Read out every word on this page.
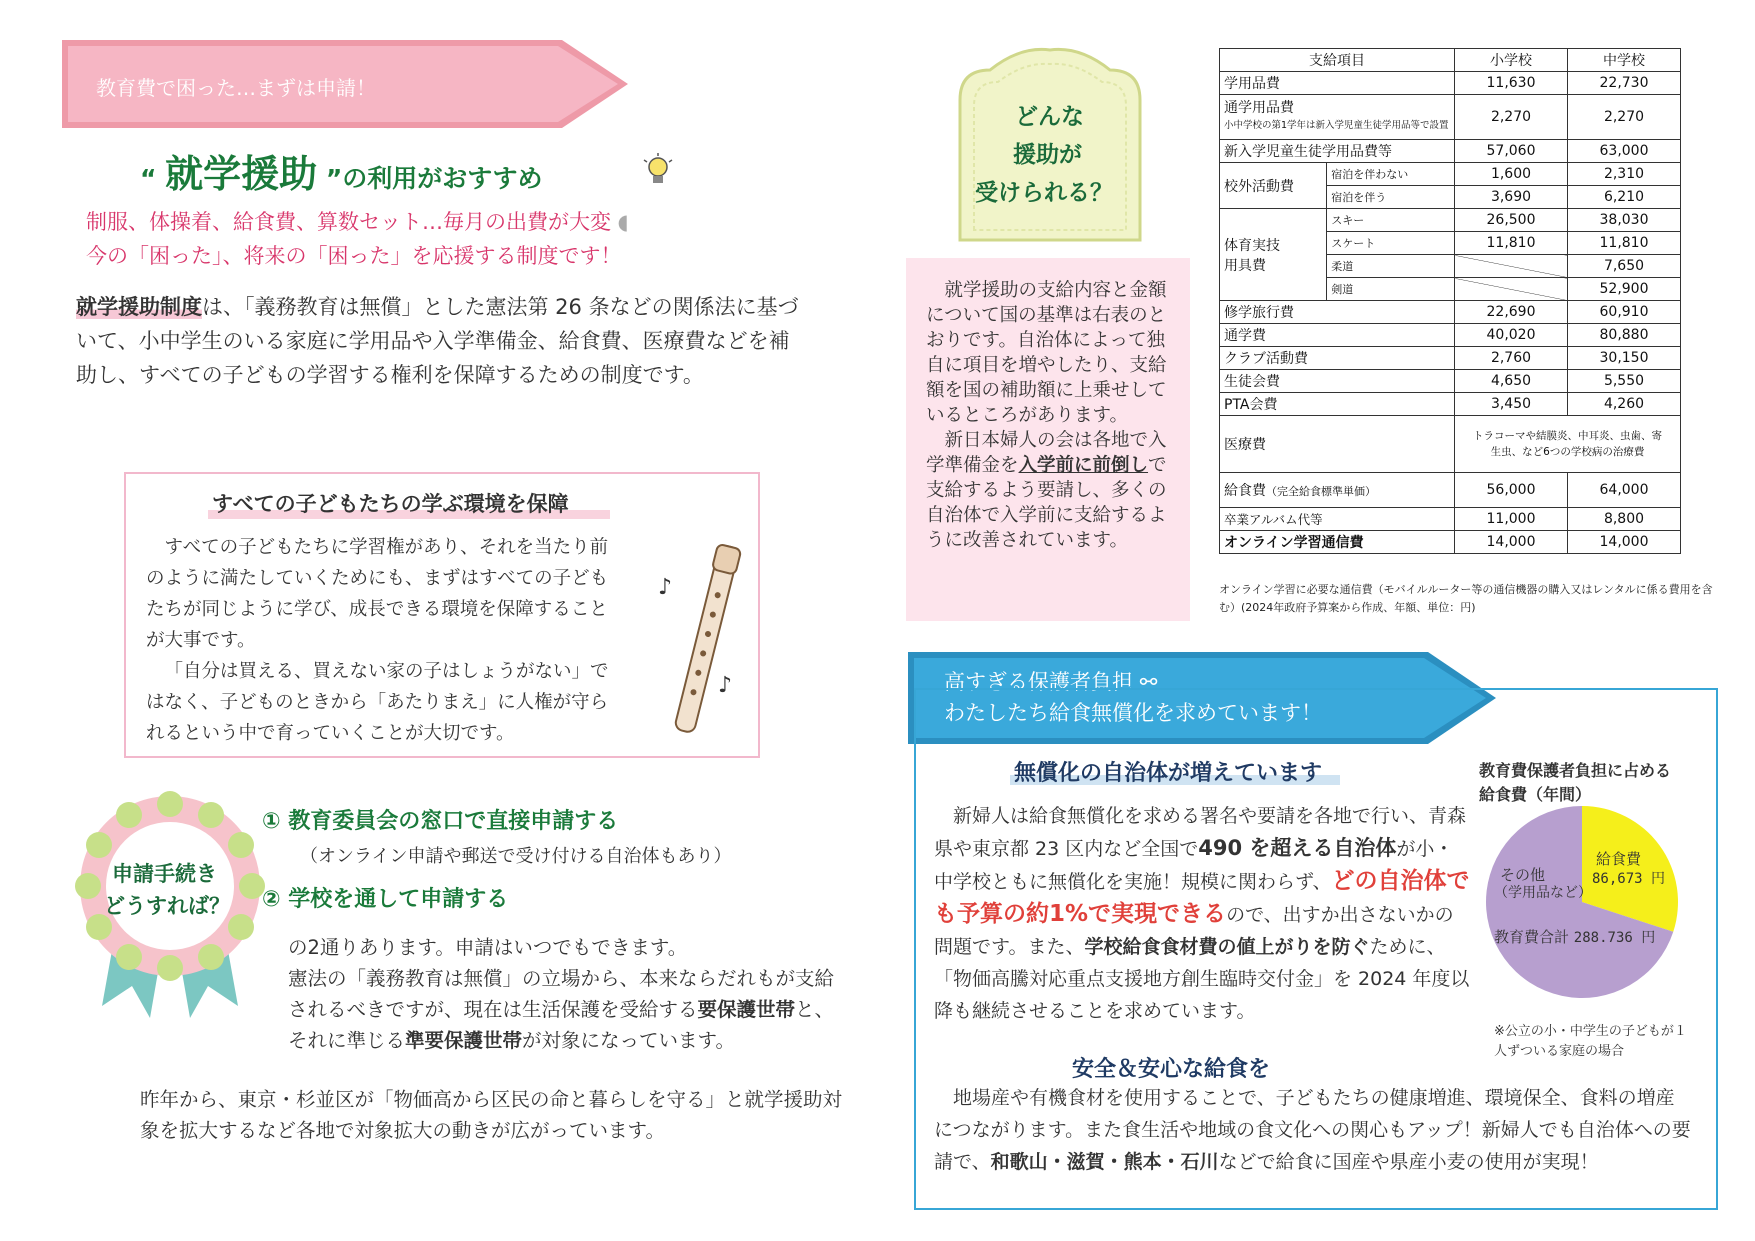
教育費で困った…まずは申請！
“ 就学援助 ”の利用がおすすめ
制服、体操着、給食費、算数セット…毎月の出費が大変 ◖
今の「困った」、将来の「困った」を応援する制度です！
就学援助制度は、「義務教育は無償」とした憲法第 26 条などの関係法に基づいて、小中学生のいる家庭に学用品や入学準備金、給食費、医療費などを補助し、すべての子どもの学習する権利を保障するための制度です。
すべての子どもたちの学ぶ環境を保障
すべての子どもたちに学習権があり、それを当たり前のように満たしていくためにも、まずはすべての子どもたちが同じように学び、成長できる環境を保障することが大事です。
「自分は買える、買えない家の子はしょうがない」ではなく、子どものときから「あたりまえ」に人権が守られるという中で育っていくことが大切です。
♪
♪
申請手続き
どうすれば？
① 教育委員会の窓口で直接申請する
（オンライン申請や郵送で受け付ける自治体もあり）
② 学校を通して申請する
の2通りあります。申請はいつでもできます。
憲法の「義務教育は無償」の立場から、本来ならだれもが支給されるべきですが、現在は生活保護を受給する要保護世帯と、それに準じる準要保護世帯が対象になっています。
昨年から、東京・杉並区が「物価高から区民の命と暮らしを守る」と就学援助対象を拡大するなど各地で対象拡大の動きが広がっています。
どんな
援助が
受けられる？
就学援助の支給内容と金額について国の基準は右表のとおりです。自治体によって独自に項目を増やしたり、支給額を国の補助額に上乗せしているところがあります。
新日本婦人の会は各地で入学準備金を入学前に前倒しで支給するよう要請し、多くの自治体で入学前に支給するように改善されています。
支給項目		小学校	中学校
学用品費		11,630	22,730
通学用品費
小中学校の第1学年は新入学児童生徒学用品等で設置		2,270	2,270
新入学児童生徒学用品費等		57,060	63,000
校外活動費	宿泊を伴わない	1,600	2,310
	宿泊を伴う	3,690	6,210
体育実技
用具費	スキー	26,500	38,030
	スケート	11,810	11,810
	柔道		7,650
	剣道		52,900
修学旅行費		22,690	60,910
通学費		40,020	80,880
クラブ活動費		2,760	30,150
生徒会費		4,650	5,550
PTA会費		3,450	4,260
医療費		トラコーマや結膜炎、中耳炎、虫歯、寄生虫、など6つの学校病の治療費	
給食費（完全給食標準単価）		56,000	64,000
卒業アルバム代等		11,000	8,800
オンライン学習通信費		14,000	14,000
オンライン学習に必要な通信費（モバイルルーター等の通信機器の購入又はレンタルに係る費用を含む）(2024年政府予算案から作成、年額、単位：円)
高すぎる保護者負担 ⚯
わたしたち給食無償化を求めています！
無償化の自治体が増えています
新婦人は給食無償化を求める署名や要請を各地で行い、青森県や東京都 23 区内など全国で490 を超える自治体が小・中学校ともに無償化を実施！規模に関わらず、どの自治体でも予算の約1%で実現できるので、出すか出さないかの問題です。また、学校給食食材費の値上がりを防ぐために、「物価高騰対応重点支援地方創生臨時交付金」を 2024 年度以降も継続させることを求めています。
教育費保護者負担に占める給食費（年間）
給食費
86,673 円
その他
（学用品など）
教育費合計 288.736 円
※公立の小・中学生の子どもが１人ずついる家庭の場合
安全＆安心な給食を
地場産や有機食材を使用することで、子どもたちの健康増進、環境保全、食料の増産につながります。また食生活や地域の食文化への関心もアップ！新婦人でも自治体への要請で、和歌山・滋賀・熊本・石川などで給食に国産や県産小麦の使用が実現！
